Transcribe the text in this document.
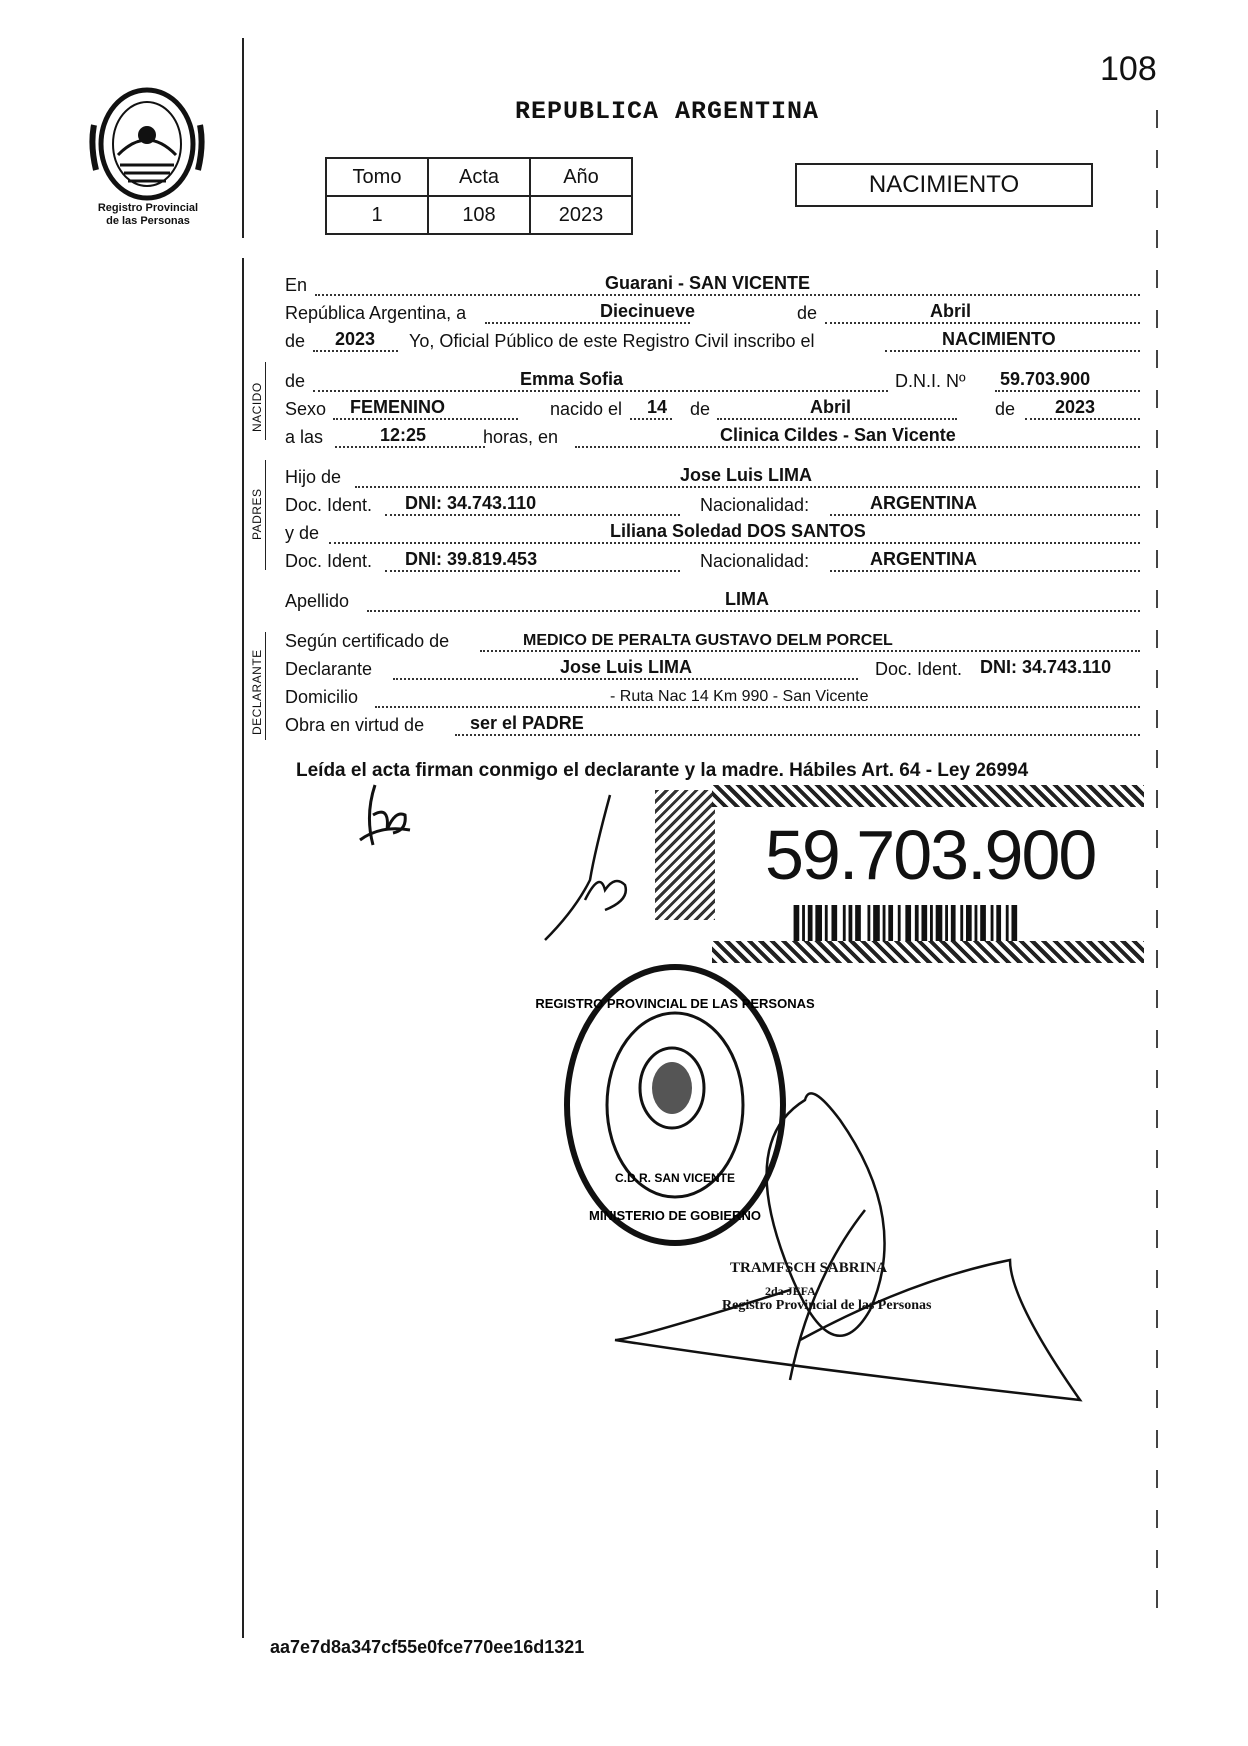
108
Registro Provincial
de las Personas
REPUBLICA ARGENTINA
Tomo	Acta	Año
1	108	2023
NACIMIENTO
NACIDO
PADRES
DECLARANTE
En	Guarani - SAN VICENTE
República Argentina, a	Diecinueve	de	Abril
de 2023 Yo, Oficial Público de este Registro Civil inscribo el	NACIMIENTO
de	Emma Sofia	D.N.I. Nº 59.703.900
Sexo FEMENINO	nacido el 14 de	Abril	de 2023
a las	12:25	horas, en	Clinica Cildes - San Vicente
Hijo de	Jose Luis LIMA
Doc. Ident. DNI: 34.743.110	Nacionalidad:	ARGENTINA
y de	Liliana Soledad DOS SANTOS
Doc. Ident. DNI: 39.819.453	Nacionalidad:	ARGENTINA
Apellido	LIMA
Según certificado de	MEDICO DE PERALTA GUSTAVO DELM PORCEL
Declarante	Jose Luis LIMA	Doc. Ident. DNI: 34.743.110
Domicilio	- Ruta Nac 14 Km 990 - San Vicente
Obra en virtud de	ser el PADRE
Leída el acta firman conmigo el declarante y la madre. Hábiles Art. 64 - Ley 26994
59.703.900
REGISTRO PROVINCIAL DE LAS PERSONAS
MINISTERIO DE GOBIERNO
C.D.R. SAN VICENTE
TRAMFSCH SABRINA
2da JEFA
Registro Provincial de las Personas
aa7e7d8a347cf55e0fce770ee16d1321
